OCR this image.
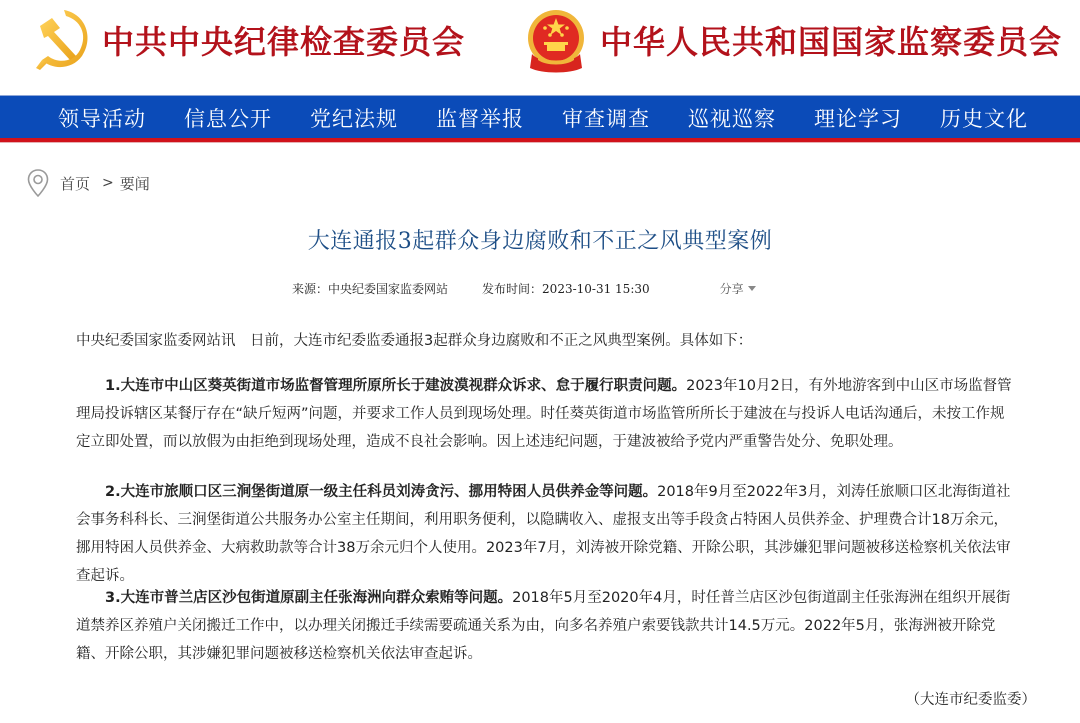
中共中央纪律检查委员会	中华人民共和国国家监察委员会
领导活动 信息公开 党纪法规 监督举报 审查调查 巡视巡察 理论学习 历史文化
首页 > 要闻
大连通报3起群众身边腐败和不正之风典型案例
来源： 中央纪委国家监委网站	发布时间： 2023-10-31 15:30	分享

中央纪委国家监委网站讯　日前，大连市纪委监委通报3起群众身边腐败和不正之风典型案例。具体如下：

1.大连市中山区葵英街道市场监督管理所原所长于建波漠视群众诉求、怠于履行职责问题。2023年10月2日，有外地游客到中山区市场监督管理局投诉辖区某餐厅存在“缺斤短两”问题，并要求工作人员到现场处理。时任葵英街道市场监管所所长于建波在与投诉人电话沟通后，未按工作规定立即处置，而以放假为由拒绝到现场处理，造成不良社会影响。因上述违纪问题，于建波被给予党内严重警告处分、免职处理。

2.大连市旅顺口区三涧堡街道原一级主任科员刘涛贪污、挪用特困人员供养金等问题。2018年9月至2022年3月，刘涛任旅顺口区北海街道社会事务科科长、三涧堡街道公共服务办公室主任期间，利用职务便利，以隐瞒收入、虚报支出等手段贪占特困人员供养金、护理费合计18万余元，挪用特困人员供养金、大病救助款等合计38万余元归个人使用。2023年7月，刘涛被开除党籍、开除公职，其涉嫌犯罪问题被移送检察机关依法审查起诉。

3.大连市普兰店区沙包街道原副主任张海洲向群众索贿等问题。2018年5月至2020年4月，时任普兰店区沙包街道副主任张海洲在组织开展街道禁养区养殖户关闭搬迁工作中，以办理关闭搬迁手续需要疏通关系为由，向多名养殖户索要钱款共计14.5万元。2022年5月，张海洲被开除党籍、开除公职，其涉嫌犯罪问题被移送检察机关依法审查起诉。

（大连市纪委监委）
